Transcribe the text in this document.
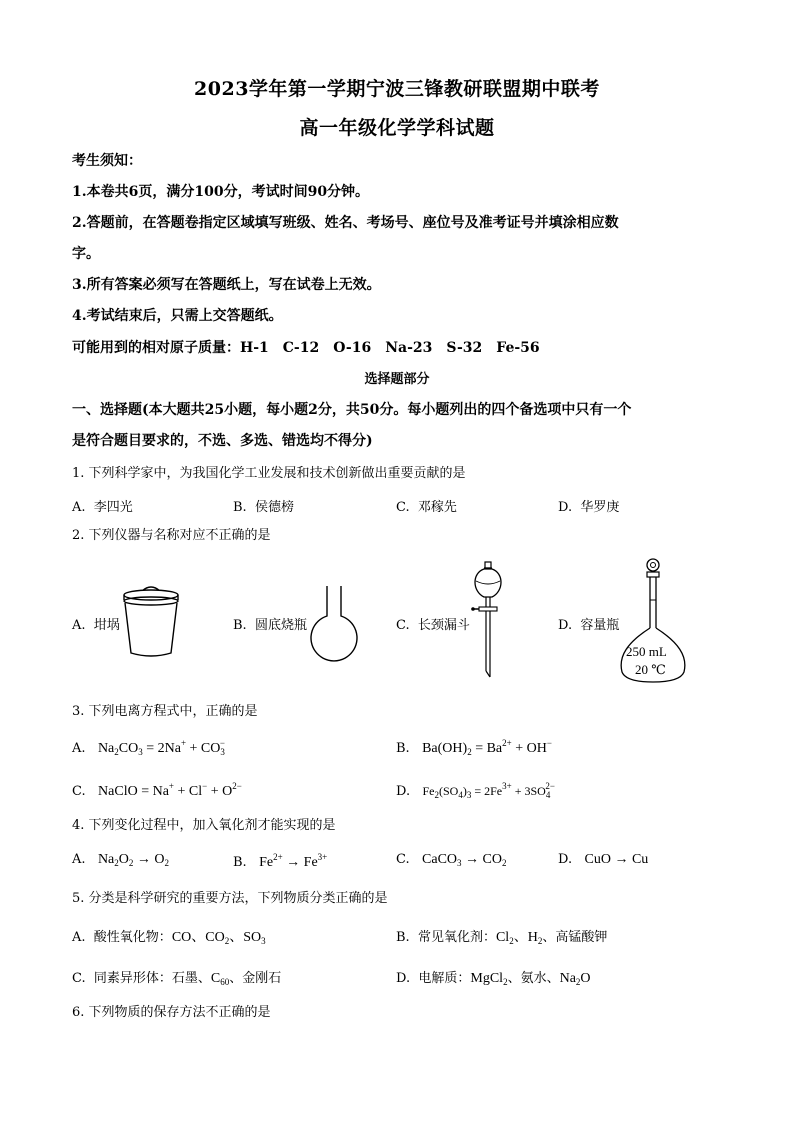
2023学年第一学期宁波三锋教研联盟期中联考
高一年级化学学科试题
考生须知：
1.本卷共6页，满分100分，考试时间90分钟。
2.答题前，在答题卷指定区域填写班级、姓名、考场号、座位号及准考证号并填涂相应数
字。
3.所有答案必须写在答题纸上，写在试卷上无效。
4.考试结束后，只需上交答题纸。
可能用到的相对原子质量：H-1　C-12　O-16　Na-23　S-32　Fe-56
选择题部分
一、选择题(本大题共25小题，每小题2分，共50分。每小题列出的四个备选项中只有一个
是符合题目要求的，不选、多选、错选均不得分)
1. 下列科学家中，为我国化学工业发展和技术创新做出重要贡献的是
A. 李四光	B. 侯德榜	C. 邓稼先	D. 华罗庚
2. 下列仪器与名称对应不正确的是
A. 坩埚	B. 圆底烧瓶	C. 长颈漏斗	D. 容量瓶
250 mL
20 ℃
3. 下列电离方程式中，正确的是
A. $Na_2CO_3 = 2Na^+ + CO_3^-$	B. $Ba(OH)_2 = Ba^{2+} + OH^-$
C. NaClO = $Na^+ + Cl^- + O^{2-}$	D. $Fe_2(SO_4)_3 = 2Fe^{3+} + 3SO_4^{2-}$
4. 下列变化过程中，加入氧化剂才能实现的是
A. $Na_2O_2 \to O_2$	B. $Fe^{2+} \to Fe^{3+}$	C. CaCO$_3$ → $CO_2$	D. CuO → Cu
5. 分类是科学研究的重要方法，下列物质分类正确的是
A. 酸性氧化物：CO、$CO_2$、$SO_3$	B. 常见氧化剂：$Cl_2$、$H_2$、高锰酸钾
C. 同素异形体：石墨、$C_{60}$、金刚石	D. 电解质：MgCl$_2$、氨水、$Na_2O$
6. 下列物质的保存方法不正确的是
